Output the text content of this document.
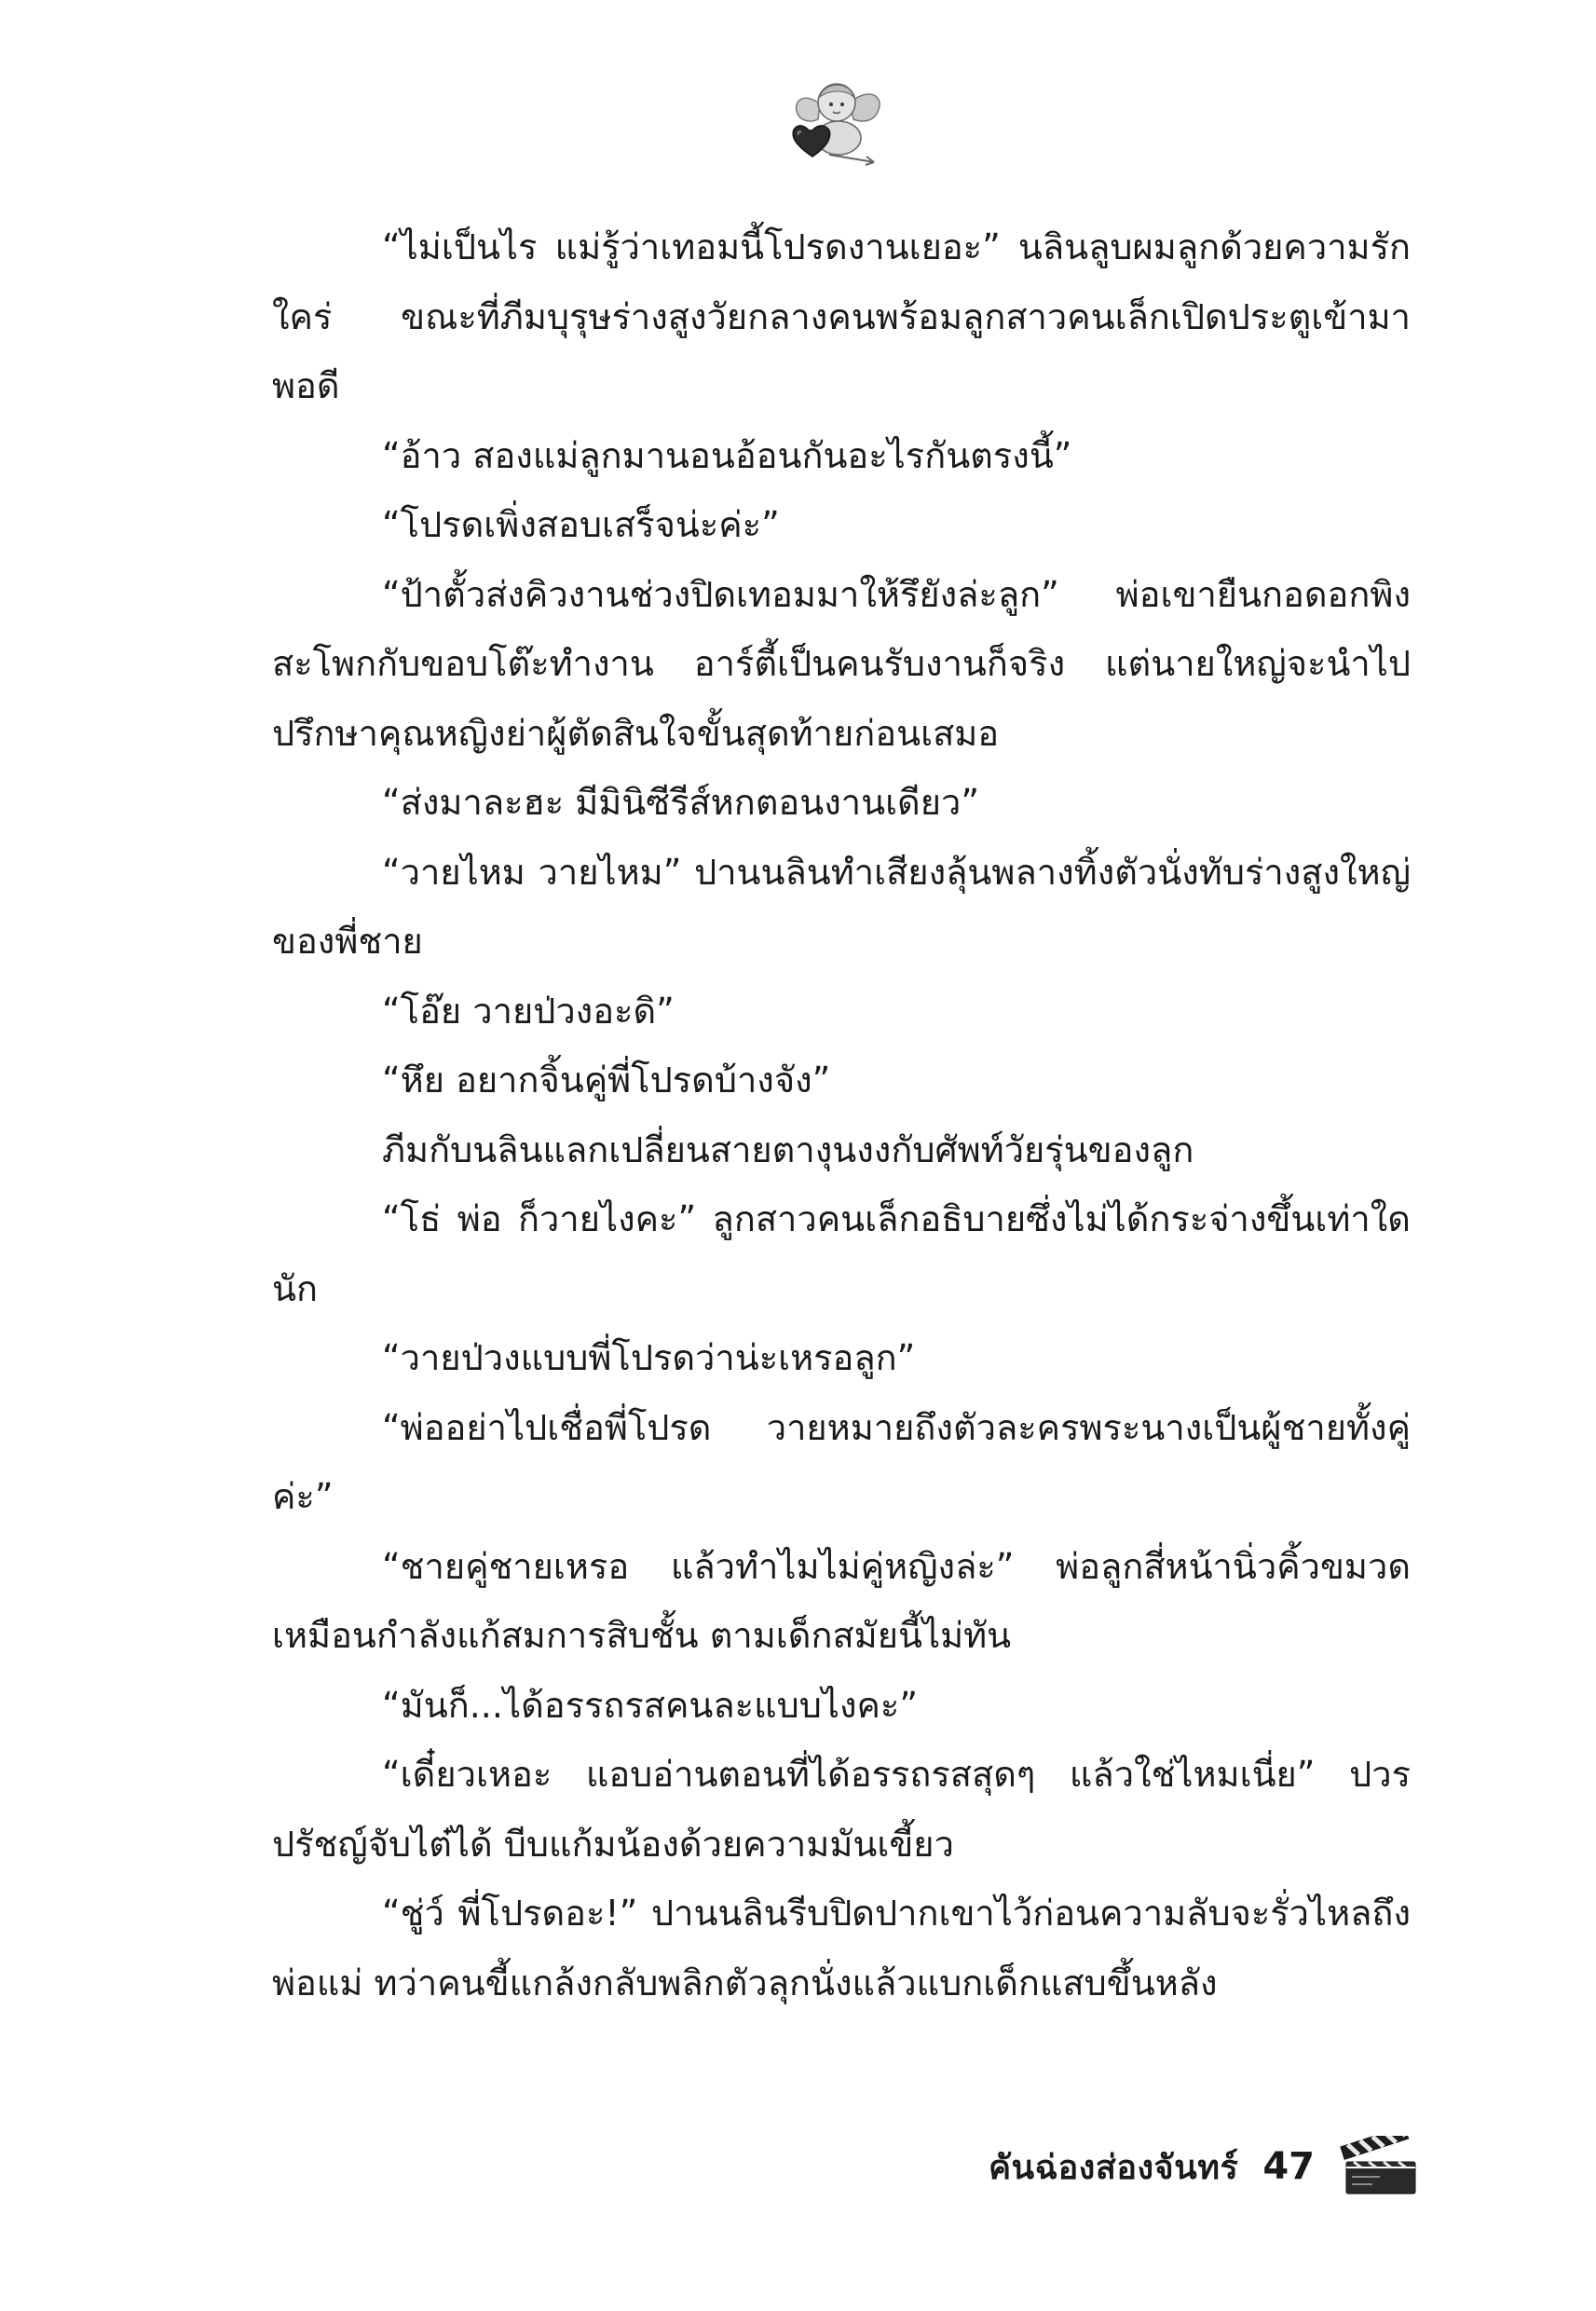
“ไม่เป็นไร แม่รู้ว่าเทอมนี้โปรดงานเยอะ” นลินลูบผมลูกด้วยความรักใคร่ ขณะที่ภีมบุรุษร่างสูงวัยกลางคนพร้อมลูกสาวคนเล็กเปิดประตูเข้ามาพอดี

“อ้าว สองแม่ลูกมานอนอ้อนกันอะไรกันตรงนี้”

“โปรดเพิ่งสอบเสร็จน่ะค่ะ”

“ป้าตั้วส่งคิวงานช่วงปิดเทอมมาให้รึยังล่ะลูก” พ่อเขายืนกอดอกพิงสะโพกกับขอบโต๊ะทำงาน อาร์ตี้เป็นคนรับงานก็จริง แต่นายใหญ่จะนำไปปรึกษาคุณหญิงย่าผู้ตัดสินใจขั้นสุดท้ายก่อนเสมอ

“ส่งมาละฮะ มีมินิซีรีส์หกตอนงานเดียว”

“วายไหม วายไหม” ปานนลินทำเสียงลุ้นพลางทิ้งตัวนั่งทับร่างสูงใหญ่ของพี่ชาย

“โอ๊ย วายป่วงอะดิ”

“หึย อยากจิ้นคู่พี่โปรดบ้างจัง”

ภีมกับนลินแลกเปลี่ยนสายตางุนงงกับศัพท์วัยรุ่นของลูก

“โธ่ พ่อ ก็วายไงคะ” ลูกสาวคนเล็กอธิบายซึ่งไม่ได้กระจ่างขึ้นเท่าใดนัก

“วายป่วงแบบพี่โปรดว่าน่ะเหรอลูก”

“พ่ออย่าไปเชื่อพี่โปรด วายหมายถึงตัวละครพระนางเป็นผู้ชายทั้งคู่ค่ะ”

“ชายคู่ชายเหรอ แล้วทำไมไม่คู่หญิงล่ะ” พ่อลูกสี่หน้านิ่วคิ้วขมวดเหมือนกำลังแก้สมการสิบชั้น ตามเด็กสมัยนี้ไม่ทัน

“มันก็...ได้อรรถรสคนละแบบไงคะ”

“เดี๋ยวเหอะ แอบอ่านตอนที่ได้อรรถรสสุดๆ แล้วใช่ไหมเนี่ย” ปวรปรัชญ์จับไต๋ได้ บีบแก้มน้องด้วยความมันเขี้ยว

“ชู่ว์ พี่โปรดอะ!” ปานนลินรีบปิดปากเขาไว้ก่อนความลับจะรั่วไหลถึงพ่อแม่ ทว่าคนขี้แกล้งกลับพลิกตัวลุกนั่งแล้วแบกเด็กแสบขึ้นหลัง

คันฉ่องส่องจันทร์ 47
